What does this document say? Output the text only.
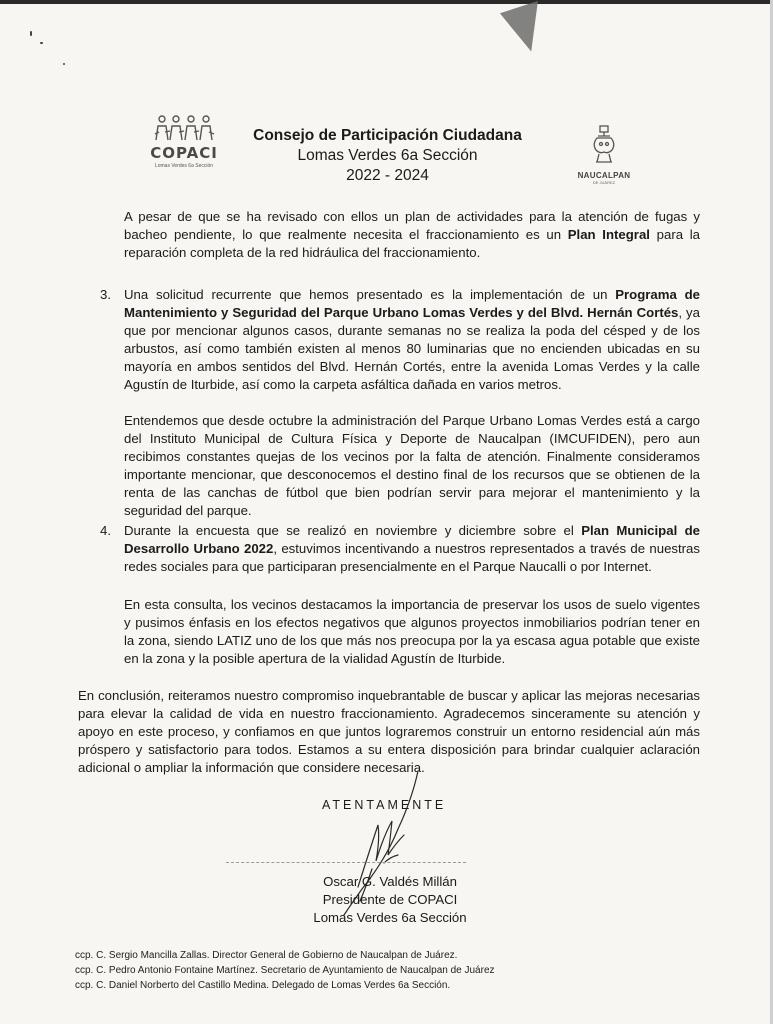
COPACI
Lomas Verdes 6a Sección
Consejo de Participación Ciudadana
Lomas Verdes 6a Sección
2022 - 2024	NAUCALPAN
DE JUÁREZ
A pesar de que se ha revisado con ellos un plan de actividades para la atención de fugas y bacheo pendiente, lo que realmente necesita el fraccionamiento es un Plan Integral para la reparación completa de la red hidráulica del fraccionamiento.
3. Una solicitud recurrente que hemos presentado es la implementación de un Programa de Mantenimiento y Seguridad del Parque Urbano Lomas Verdes y del Blvd. Hernán Cortés, ya que por mencionar algunos casos, durante semanas no se realiza la poda del césped y de los arbustos, así como también existen al menos 80 luminarias que no encienden ubicadas en su mayoría en ambos sentidos del Blvd. Hernán Cortés, entre la avenida Lomas Verdes y la calle Agustín de Iturbide, así como la carpeta asfáltica dañada en varios metros.
Entendemos que desde octubre la administración del Parque Urbano Lomas Verdes está a cargo del Instituto Municipal de Cultura Física y Deporte de Naucalpan (IMCUFIDEN), pero aun recibimos constantes quejas de los vecinos por la falta de atención. Finalmente consideramos importante mencionar, que desconocemos el destino final de los recursos que se obtienen de la renta de las canchas de fútbol que bien podrían servir para mejorar el mantenimiento y la seguridad del parque.
4. Durante la encuesta que se realizó en noviembre y diciembre sobre el Plan Municipal de Desarrollo Urbano 2022, estuvimos incentivando a nuestros representados a través de nuestras redes sociales para que participaran presencialmente en el Parque Naucalli o por Internet.
En esta consulta, los vecinos destacamos la importancia de preservar los usos de suelo vigentes y pusimos énfasis en los efectos negativos que algunos proyectos inmobiliarios podrían tener en la zona, siendo LATIZ uno de los que más nos preocupa por la ya escasa agua potable que existe en la zona y la posible apertura de la vialidad Agustín de Iturbide.
En conclusión, reiteramos nuestro compromiso inquebrantable de buscar y aplicar las mejoras necesarias para elevar la calidad de vida en nuestro fraccionamiento. Agradecemos sinceramente su atención y apoyo en este proceso, y confiamos en que juntos lograremos construir un entorno residencial aún más próspero y satisfactorio para todos. Estamos a su entera disposición para brindar cualquier aclaración adicional o ampliar la información que considere necesaria.
ATENTAMENTE
Oscar G. Valdés Millán
Presidente de COPACI
Lomas Verdes 6a Sección
ccp. C. Sergio Mancilla Zallas. Director General de Gobierno de Naucalpan de Juárez.
ccp. C. Pedro Antonio Fontaine Martínez. Secretario de Ayuntamiento de Naucalpan de Juárez
ccp. C. Daniel Norberto del Castillo Medina. Delegado de Lomas Verdes 6a Sección.
